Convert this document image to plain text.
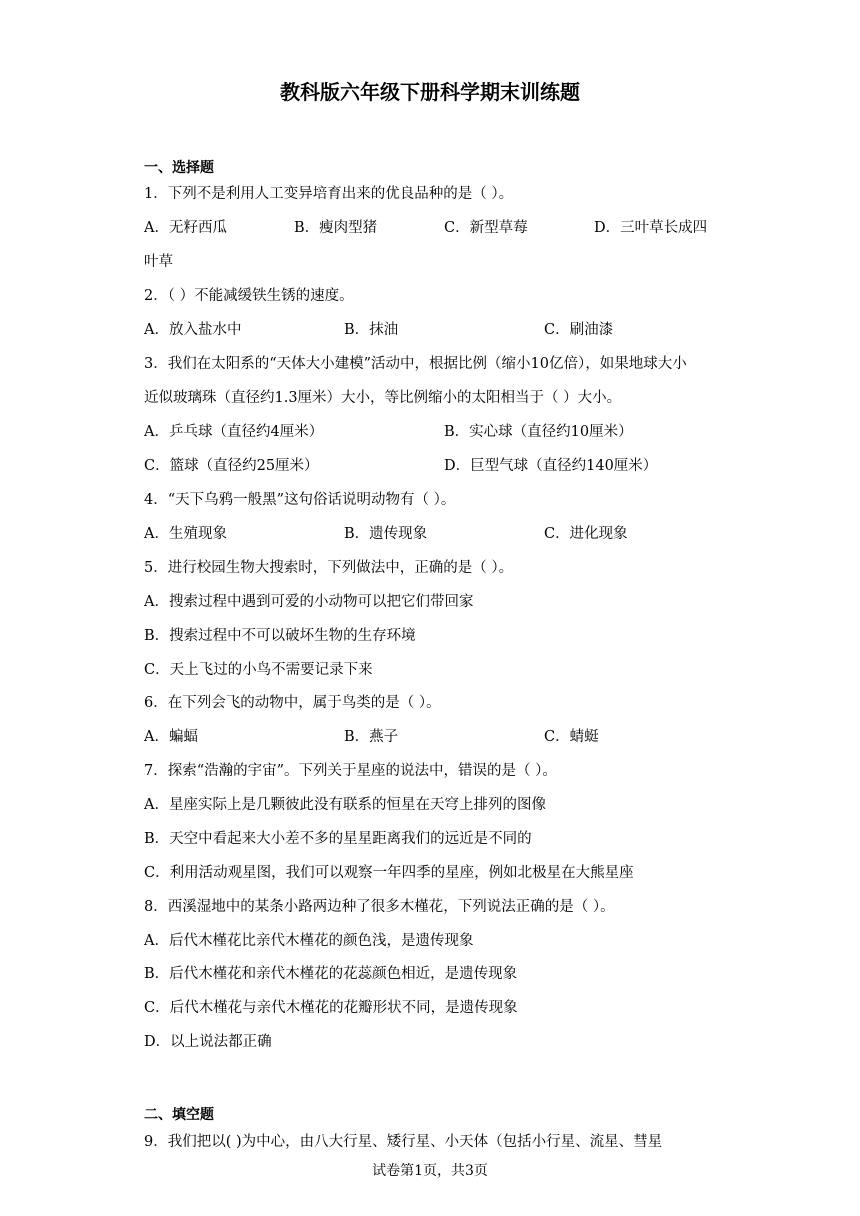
教科版六年级下册科学期末训练题
一、选择题
1．下列不是利用人工变异培育出来的优良品种的是（ ）。
A．无籽西瓜	B．瘦肉型猪	C．新型草莓	D．三叶草长成四
叶草
2．（ ）不能减缓铁生锈的速度。
A．放入盐水中	B．抹油	C．刷油漆
3．我们在太阳系的“天体大小建模”活动中，根据比例（缩小10亿倍），如果地球大小
近似玻璃珠（直径约1.3厘米）大小，等比例缩小的太阳相当于（ ）大小。
A．乒乓球（直径约4厘米）	B．实心球（直径约10厘米）
C．篮球（直径约25厘米）	D．巨型气球（直径约140厘米）
4．“天下乌鸦一般黑”这句俗话说明动物有（ ）。
A．生殖现象	B．遗传现象	C．进化现象
5．进行校园生物大搜索时，下列做法中，正确的是（ ）。
A．搜索过程中遇到可爱的小动物可以把它们带回家
B．搜索过程中不可以破坏生物的生存环境
C．天上飞过的小鸟不需要记录下来
6．在下列会飞的动物中，属于鸟类的是（ ）。
A．蝙蝠	B．燕子	C．蜻蜓
7．探索“浩瀚的宇宙”。下列关于星座的说法中，错误的是（ ）。
A．星座实际上是几颗彼此没有联系的恒星在天穹上排列的图像
B．天空中看起来大小差不多的星星距离我们的远近是不同的
C．利用活动观星图，我们可以观察一年四季的星座，例如北极星在大熊星座
8．西溪湿地中的某条小路两边种了很多木槿花，下列说法正确的是（ ）。
A．后代木槿花比亲代木槿花的颜色浅，是遗传现象
B．后代木槿花和亲代木槿花的花蕊颜色相近，是遗传现象
C．后代木槿花与亲代木槿花的花瓣形状不同，是遗传现象
D．以上说法都正确
二、填空题
9．我们把以( )为中心，由八大行星、矮行星、小天体（包括小行星、流星、彗星
试卷第1页，共3页
